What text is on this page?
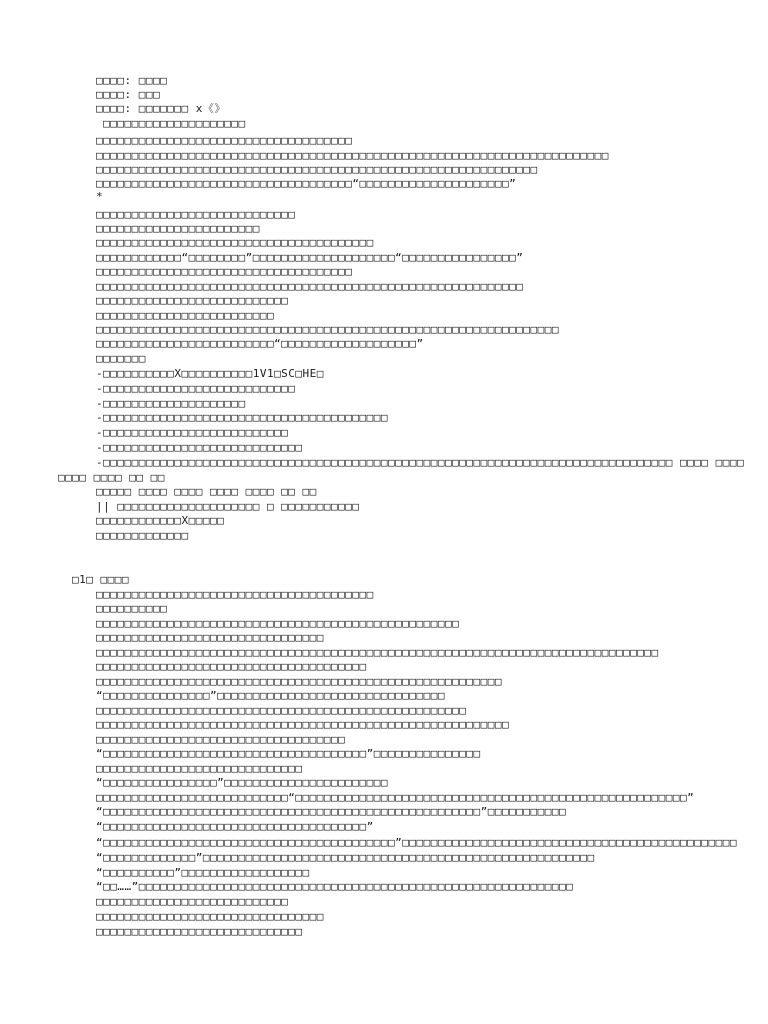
□□□□: □□□□
□□□□: □□□
□□□□: □□□□□□□ x《》
□□□□□□□□□□□□□□□□□□□□
□□□□□□□□□□□□□□□□□□□□□□□□□□□□□□□□□□□□
□□□□□□□□□□□□□□□□□□□□□□□□□□□□□□□□□□□□□□□□□□□□□□□□□□□□□□□□□□□□□□□□□□□□□□□□
□□□□□□□□□□□□□□□□□□□□□□□□□□□□□□□□□□□□□□□□□□□□□□□□□□□□□□□□□□□□□□
□□□□□□□□□□□□□□□□□□□□□□□□□□□□□□□□□□□□“□□□□□□□□□□□□□□□□□□□□□”
*
□□□□□□□□□□□□□□□□□□□□□□□□□□□□
□□□□□□□□□□□□□□□□□□□□□□□
□□□□□□□□□□□□□□□□□□□□□□□□□□□□□□□□□□□□□□□
□□□□□□□□□□□□“□□□□□□□□”□□□□□□□□□□□□□□□□□□□□“□□□□□□□□□□□□□□□□”
□□□□□□□□□□□□□□□□□□□□□□□□□□□□□□□□□□□□
□□□□□□□□□□□□□□□□□□□□□□□□□□□□□□□□□□□□□□□□□□□□□□□□□□□□□□□□□□□□
□□□□□□□□□□□□□□□□□□□□□□□□□□□
□□□□□□□□□□□□□□□□□□□□□□□□□
□□□□□□□□□□□□□□□□□□□□□□□□□□□□□□□□□□□□□□□□□□□□□□□□□□□□□□□□□□□□□□□□□
□□□□□□□□□□□□□□□□□□□□□□□□□“□□□□□□□□□□□□□□□□□□□”
□□□□□□□
-□□□□□□□□□□X□□□□□□□□□□1V1□SC□HE□
-□□□□□□□□□□□□□□□□□□□□□□□□□□□
-□□□□□□□□□□□□□□□□□□□□
-□□□□□□□□□□□□□□□□□□□□□□□□□□□□□□□□□□□□□□□□
-□□□□□□□□□□□□□□□□□□□□□□□□□□
-□□□□□□□□□□□□□□□□□□□□□□□□□□□□
-□□□□□□□□□□□□□□□□□□□□□□□□□□□□□□□□□□□□□□□□□□□□□□□□□□□□□□□□□□□□□□□□□□□□□□□□□□□□□□□□ □□□□ □□□□
□□□□ □□□□ □□ □□
□□□□□ □□□□ □□□□ □□□□ □□□□ □□ □□
|| □□□□□□□□□□□□□□□□□□□□ □ □□□□□□□□□□□
□□□□□□□□□□□□X□□□□□
□□□□□□□□□□□□□
□1□ □□□□
□□□□□□□□□□□□□□□□□□□□□□□□□□□□□□□□□□□□□□□
□□□□□□□□□□
□□□□□□□□□□□□□□□□□□□□□□□□□□□□□□□□□□□□□□□□□□□□□□□□□□□
□□□□□□□□□□□□□□□□□□□□□□□□□□□□□□□□
□□□□□□□□□□□□□□□□□□□□□□□□□□□□□□□□□□□□□□□□□□□□□□□□□□□□□□□□□□□□□□□□□□□□□□□□□□□□□□□
□□□□□□□□□□□□□□□□□□□□□□□□□□□□□□□□□□□□□□
□□□□□□□□□□□□□□□□□□□□□□□□□□□□□□□□□□□□□□□□□□□□□□□□□□□□□□□□□
“□□□□□□□□□□□□□□□”□□□□□□□□□□□□□□□□□□□□□□□□□□□□□□□□
□□□□□□□□□□□□□□□□□□□□□□□□□□□□□□□□□□□□□□□□□□□□□□□□□□□□
□□□□□□□□□□□□□□□□□□□□□□□□□□□□□□□□□□□□□□□□□□□□□□□□□□□□□□□□□□
□□□□□□□□□□□□□□□□□□□□□□□□□□□□□□□□□□□
“□□□□□□□□□□□□□□□□□□□□□□□□□□□□□□□□□□□□□”□□□□□□□□□□□□□□□
□□□□□□□□□□□□□□□□□□□□□□□□□□□□□
“□□□□□□□□□□□□□□□□”□□□□□□□□□□□□□□□□□□□□□□□
□□□□□□□□□□□□□□□□□□□□□□□□□□□“□□□□□□□□□□□□□□□□□□□□□□□□□□□□□□□□□□□□□□□□□□□□□□□□□□□□□□□”
“□□□□□□□□□□□□□□□□□□□□□□□□□□□□□□□□□□□□□□□□□□□□□□□□□□□□□”□□□□□□□□□□□
“□□□□□□□□□□□□□□□□□□□□□□□□□□□□□□□□□□□□□”
“□□□□□□□□□□□□□□□□□□□□□□□□□□□□□□□□□□□□□□□□□”□□□□□□□□□□□□□□□□□□□□□□□□□□□□□□□□□□□□□□□□□□□□□□□
“□□□□□□□□□□□□□”□□□□□□□□□□□□□□□□□□□□□□□□□□□□□□□□□□□□□□□□□□□□□□□□□□□□□□□
“□□□□□□□□□□”□□□□□□□□□□□□□□□□□□
“□□……”□□□□□□□□□□□□□□□□□□□□□□□□□□□□□□□□□□□□□□□□□□□□□□□□□□□□□□□□□□□□□
□□□□□□□□□□□□□□□□□□□□□□□□□□□
□□□□□□□□□□□□□□□□□□□□□□□□□□□□□□□□
□□□□□□□□□□□□□□□□□□□□□□□□□□□□□
